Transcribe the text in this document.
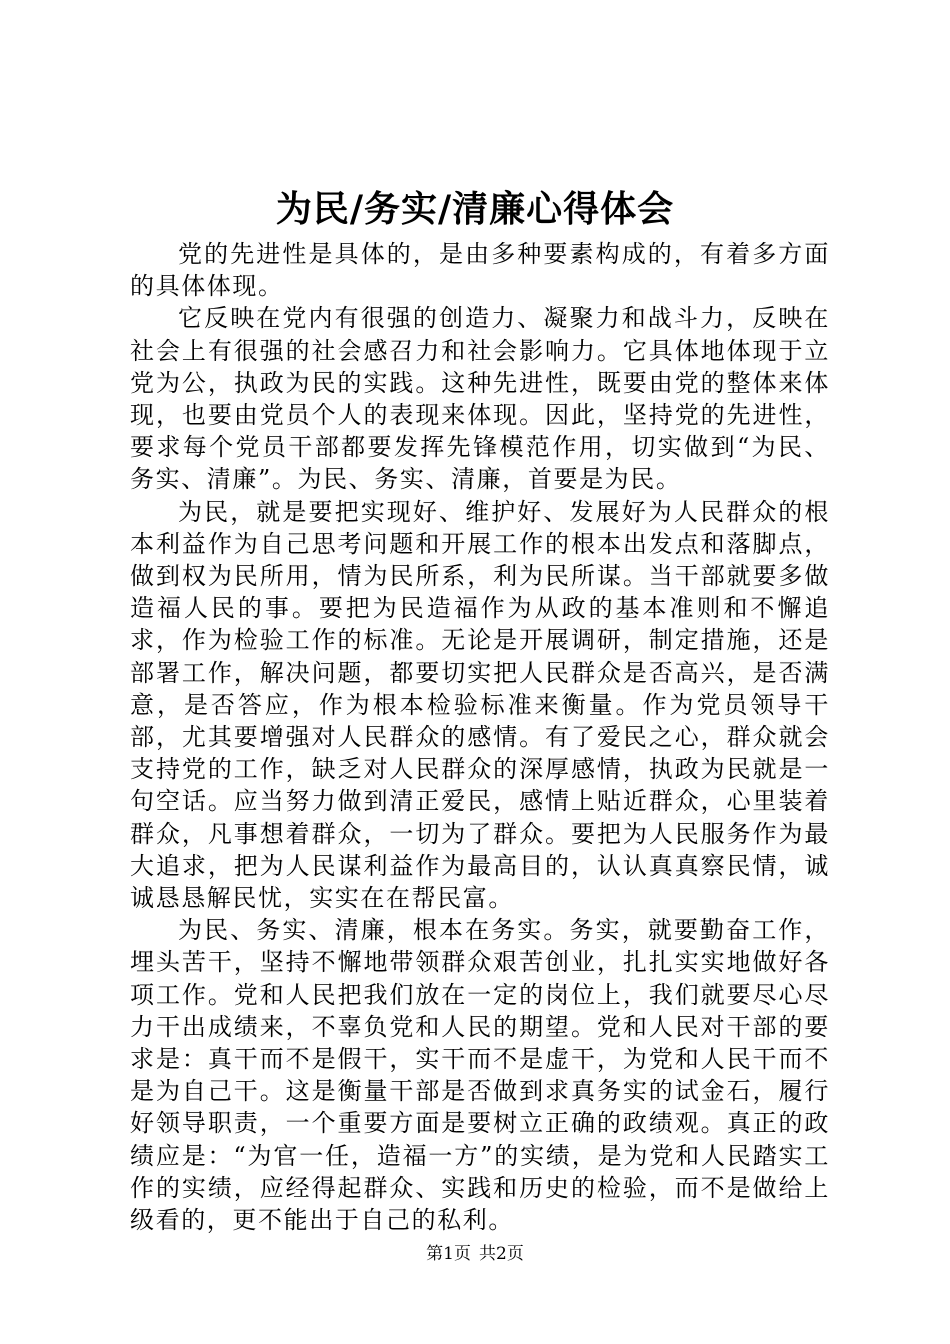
为民/务实/清廉心得体会

党的先进性是具体的，是由多种要素构成的，有着多方面的具体体现。

它反映在党内有很强的创造力、凝聚力和战斗力，反映在社会上有很强的社会感召力和社会影响力。它具体地体现于立党为公，执政为民的实践。这种先进性，既要由党的整体来体现，也要由党员个人的表现来体现。因此，坚持党的先进性，要求每个党员干部都要发挥先锋模范作用，切实做到“为民、务实、清廉”。为民、务实、清廉，首要是为民。

为民，就是要把实现好、维护好、发展好为人民群众的根本利益作为自己思考问题和开展工作的根本出发点和落脚点，做到权为民所用，情为民所系，利为民所谋。当干部就要多做造福人民的事。要把为民造福作为从政的基本准则和不懈追求，作为检验工作的标准。无论是开展调研，制定措施，还是部署工作，解决问题，都要切实把人民群众是否高兴，是否满意，是否答应，作为根本检验标准来衡量。作为党员领导干部，尤其要增强对人民群众的感情。有了爱民之心，群众就会支持党的工作，缺乏对人民群众的深厚感情，执政为民就是一句空话。应当努力做到清正爱民，感情上贴近群众，心里装着群众，凡事想着群众，一切为了群众。要把为人民服务作为最大追求，把为人民谋利益作为最高目的，认认真真察民情，诚诚恳恳解民忧，实实在在帮民富。

为民、务实、清廉，根本在务实。务实，就要勤奋工作，埋头苦干，坚持不懈地带领群众艰苦创业，扎扎实实地做好各项工作。党和人民把我们放在一定的岗位上，我们就要尽心尽力干出成绩来，不辜负党和人民的期望。党和人民对干部的要求是：真干而不是假干，实干而不是虚干，为党和人民干而不是为自己干。这是衡量干部是否做到求真务实的试金石，履行好领导职责，一个重要方面是要树立正确的政绩观。真正的政绩应是：“为官一任，造福一方”的实绩，是为党和人民踏实工作的实绩，应经得起群众、实践和历史的检验，而不是做给上级看的，更不能出于自己的私利。

第1页 共2页
